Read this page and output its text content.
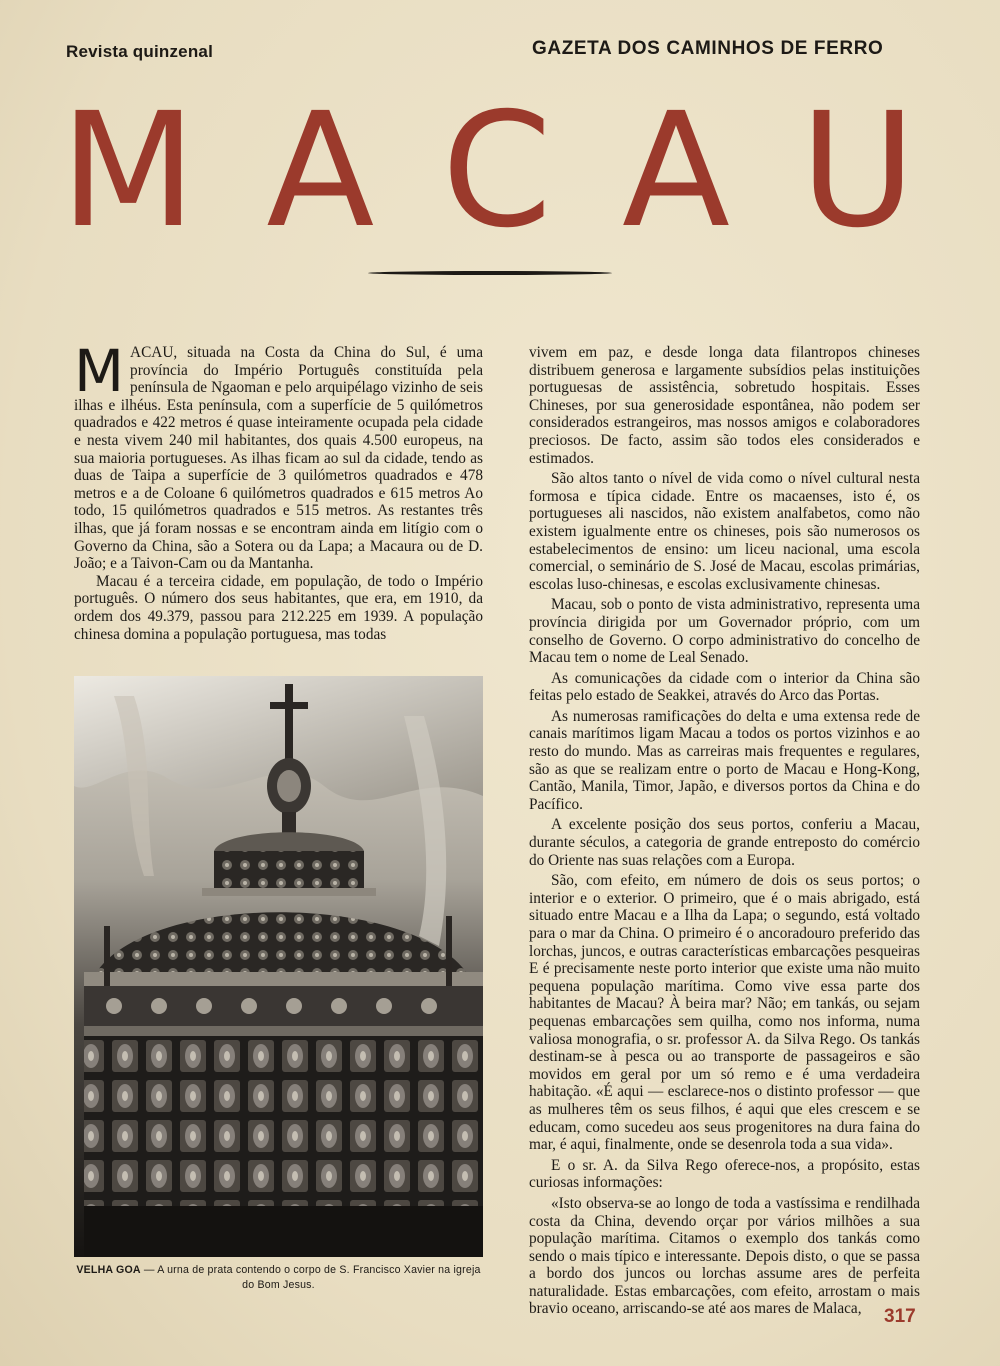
Revista quinzenal	GAZETA DOS CAMINHOS DE FERRO
MACAU

MACAU, situada na Costa da China do Sul, é uma província do Império Português constituída pela península de Ngaoman e pelo arquipélago vizinho de seis ilhas e ilhéus. Esta península, com a superfície de 5 quilómetros quadrados e 422 metros é quase inteiramente ocupada pela cidade e nesta vivem 240 mil habitantes, dos quais 4.500 europeus, na sua maioria portugueses. As ilhas ficam ao sul da cidade, tendo as duas de Taipa a superfície de 3 quilómetros quadrados e 478 metros e a de Coloane 6 quilómetros quadrados e 615 metros Ao todo, 15 quilómetros quadrados e 515 metros. As restantes três ilhas, que já foram nossas e se encontram ainda em litígio com o Governo da China, são a Sotera ou da Lapa; a Macaura ou de D. João; e a Taivon-Cam ou da Mantanha.

Macau é a terceira cidade, em população, de todo o Império português. O número dos seus habitantes, que era, em 1910, da ordem dos 49.379, passou para 212.225 em 1939. A população chinesa domina a população portuguesa, mas todas

VELHA GOA — A urna de prata contendo o corpo de S. Francisco Xavier na igreja do Bom Jesus.

vivem em paz, e desde longa data filantropos chineses distribuem generosa e largamente subsídios pelas instituições portuguesas de assistência, sobretudo hospitais. Esses Chineses, por sua generosidade espontânea, não podem ser considerados estrangeiros, mas nossos amigos e colaboradores preciosos. De facto, assim são todos eles considerados e estimados.

São altos tanto o nível de vida como o nível cultural nesta formosa e típica cidade. Entre os macaenses, isto é, os portugueses ali nascidos, não existem analfabetos, como não existem igualmente entre os chineses, pois são numerosos os estabelecimentos de ensino: um liceu nacional, uma escola comercial, o seminário de S. José de Macau, escolas primárias, escolas luso-chinesas, e escolas exclusivamente chinesas.

Macau, sob o ponto de vista administrativo, representa uma província dirigida por um Governador próprio, com um conselho de Governo. O corpo administrativo do concelho de Macau tem o nome de Leal Senado.

As comunicações da cidade com o interior da China são feitas pelo estado de Seakkei, através do Arco das Portas.

As numerosas ramificações do delta e uma extensa rede de canais marítimos ligam Macau a todos os portos vizinhos e ao resto do mundo. Mas as carreiras mais frequentes e regulares, são as que se realizam entre o porto de Macau e Hong-Kong, Cantão, Manila, Timor, Japão, e diversos portos da China e do Pacífico.

A excelente posição dos seus portos, conferiu a Macau, durante séculos, a categoria de grande entreposto do comércio do Oriente nas suas relações com a Europa.

São, com efeito, em número de dois os seus portos; o interior e o exterior. O primeiro, que é o mais abrigado, está situado entre Macau e a Ilha da Lapa; o segundo, está voltado para o mar da China. O primeiro é o ancoradouro preferido das lorchas, juncos, e outras características embarcações pesqueiras E é precisamente neste porto interior que existe uma não muito pequena população marítima. Como vive essa parte dos habitantes de Macau? À beira mar? Não; em tankás, ou sejam pequenas embarcações sem quilha, como nos informa, numa valiosa monografia, o sr. professor A. da Silva Rego. Os tankás destinam-se à pesca ou ao transporte de passageiros e são movidos em geral por um só remo e é uma verdadeira habitação. «É aqui — esclarece-nos o distinto professor — que as mulheres têm os seus filhos, é aqui que eles crescem e se educam, como sucedeu aos seus progenitores na dura faina do mar, é aqui, finalmente, onde se desenrola toda a sua vida».

E o sr. A. da Silva Rego oferece-nos, a propósito, estas curiosas informações:

«Isto observa-se ao longo de toda a vastíssima e rendilhada costa da China, devendo orçar por vários milhões a sua população marítima. Citamos o exemplo dos tankás como sendo o mais típico e interessante. Depois disto, o que se passa a bordo dos juncos ou lorchas assume ares de perfeita naturalidade. Estas embarcações, com efeito, arrostam o mais bravio oceano, arriscando-se até aos mares de Malaca,	317
